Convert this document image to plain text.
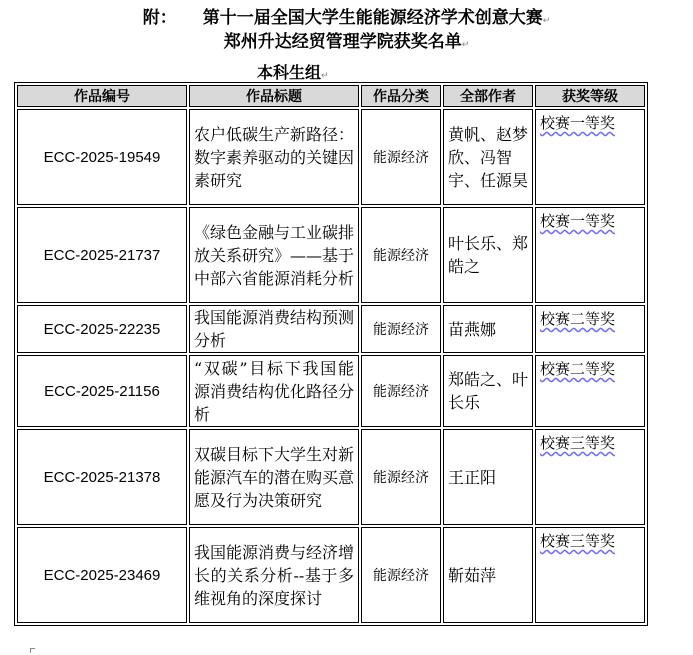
附： 第十一届全国大学生能能源经济学术创意大赛↵
郑州升达经贸管理学院获奖名单↵
本科生组↵
作品编号	作品标题	作品分类	全部作者	获奖等级
ECC-2025-19549	农户低碳生产新路径：数字素养驱动的关键因素研究	能源经济	黄帆、赵梦欣、冯智宇、任源昊	校赛一等奖
ECC-2025-21737	《绿色金融与工业碳排放关系研究》——基于中部六省能源消耗分析	能源经济	叶长乐、郑皓之	校赛一等奖
ECC-2025-22235	我国能源消费结构预测分析	能源经济	苗燕娜	校赛二等奖
ECC-2025-21156	“双碳”目标下我国能源消费结构优化路径分析	能源经济	郑皓之、叶长乐	校赛二等奖
ECC-2025-21378	双碳目标下大学生对新能源汽车的潜在购买意愿及行为决策研究	能源经济	王正阳	校赛三等奖
ECC-2025-23469	我国能源消费与经济增长的关系分析--基于多维视角的深度探讨	能源经济	靳茹萍	校赛三等奖
